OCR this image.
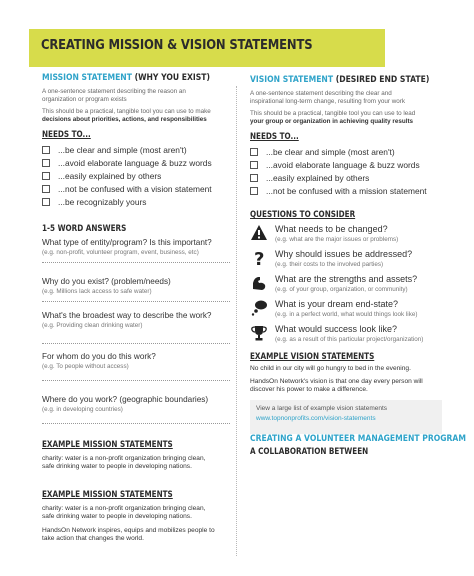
CREATING MISSION & VISION STATEMENTS
MISSION STATEMENT (WHY YOU EXIST)
A one-sentence statement describing the reason an
organization or program exists
This should be a practical, tangible tool you can use to make
decisions about priorities, actions, and responsibilities
NEEDS TO...
...be clear and simple (most aren't)
...avoid elaborate language & buzz words
...easily explained by others
...not be confused with a vision statement
...be recognizably yours
1-5 WORD ANSWERS
What type of entity/program? Is this important?
(e.g. non-profit, volunteer program, event, business, etc)
Why do you exist? (problem/needs)
(e.g. Millions lack access to safe water)
What's the broadest way to describe the work?
(e.g. Providing clean drinking water)
For whom do you do this work?
(e.g. To people without access)
Where do you work? (geographic boundaries)
(e.g. in developing countries)
EXAMPLE MISSION STATEMENTS
charity: water is a non-profit organization bringing clean,
safe drinking water to people in developing nations.
EXAMPLE MISSION STATEMENTS
charity: water is a non-profit organization bringing clean,
safe drinking water to people in developing nations.
HandsOn Network inspires, equips and mobilizes people to
take action that changes the world.
VISION STATEMENT (DESIRED END STATE)
A one-sentence statement describing the clear and
inspirational long-term change, resulting from your work
This should be a practical, tangible tool you can use to lead
your group or organization in achieving quality results
NEEDS TO...
...be clear and simple (most aren't)
...avoid elaborate language & buzz words
...easily explained by others
...not be confused with a mission statement
QUESTIONS TO CONSIDER
What needs to be changed?
(e.g. what are the major issues or problems)
? Why should issues be addressed?
(e.g. their costs to the involved parties)
What are the strengths and assets?
(e.g. of your group, organization, or community)
What is your dream end-state?
(e.g. in a perfect world, what would things look like)
What would success look like?
(e.g. as a result of this particular project/organization)
EXAMPLE VISION STATEMENTS
No child in our city will go hungry to bed in the evening.
View a large list of example vision statements
www.topnonprofits.com/vision-statements
HandsOn Network's vision is that one day every person will
discover his power to make a difference.
CREATING A VOLUNTEER MANAGEMENT PROGRAM
A COLLABORATION BETWEEN
